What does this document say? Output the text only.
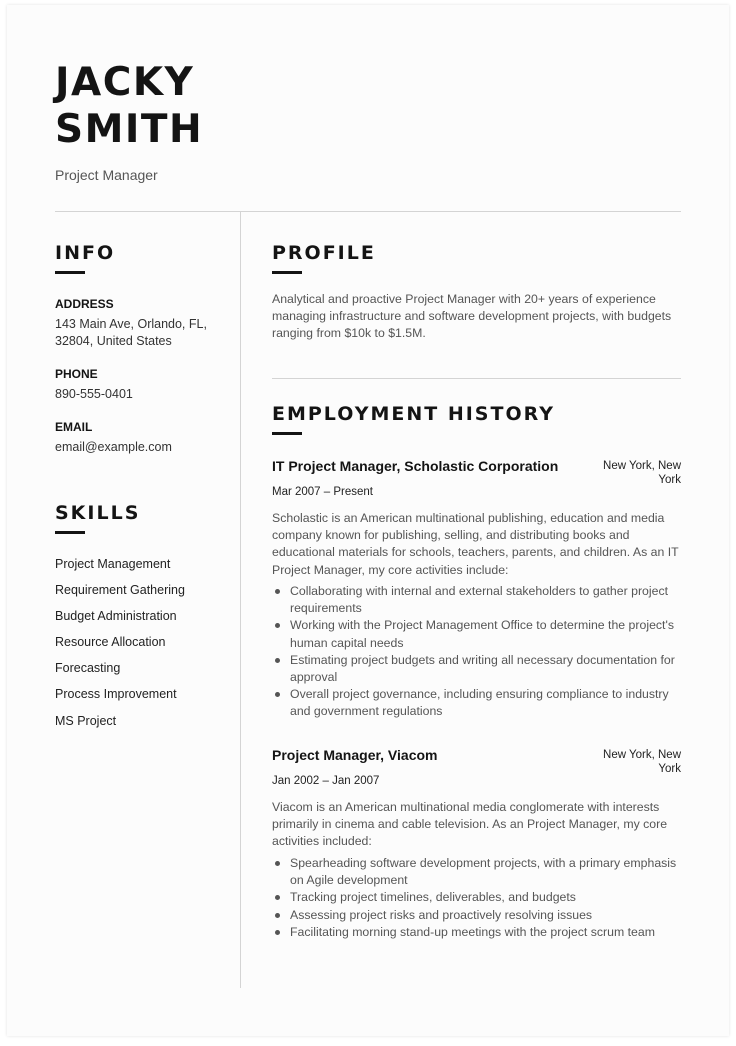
JACKY
SMITH
Project Manager
INFO
ADDRESS
143 Main Ave, Orlando, FL,
32804, United States
PHONE
890-555-0401
EMAIL
email@example.com
SKILLS
Project Management
Requirement Gathering
Budget Administration
Resource Allocation
Forecasting
Process Improvement
MS Project
PROFILE
Analytical and proactive Project Manager with 20+ years of experience managing infrastructure and software development projects, with budgets ranging from $10k to $1.5M.
EMPLOYMENT HISTORY
IT Project Manager, Scholastic Corporation	New York, New York
Mar 2007 – Present
Scholastic is an American multinational publishing, education and media company known for publishing, selling, and distributing books and educational materials for schools, teachers, parents, and children. As an IT Project Manager, my core activities include:
Collaborating with internal and external stakeholders to gather project requirements
Working with the Project Management Office to determine the project's human capital needs
Estimating project budgets and writing all necessary documentation for approval
Overall project governance, including ensuring compliance to industry and government regulations
Project Manager, Viacom	New York, New York
Jan 2002 – Jan 2007
Viacom is an American multinational media conglomerate with interests primarily in cinema and cable television. As an Project Manager, my core activities included:
Spearheading software development projects, with a primary emphasis on Agile development
Tracking project timelines, deliverables, and budgets
Assessing project risks and proactively resolving issues
Facilitating morning stand-up meetings with the project scrum team
